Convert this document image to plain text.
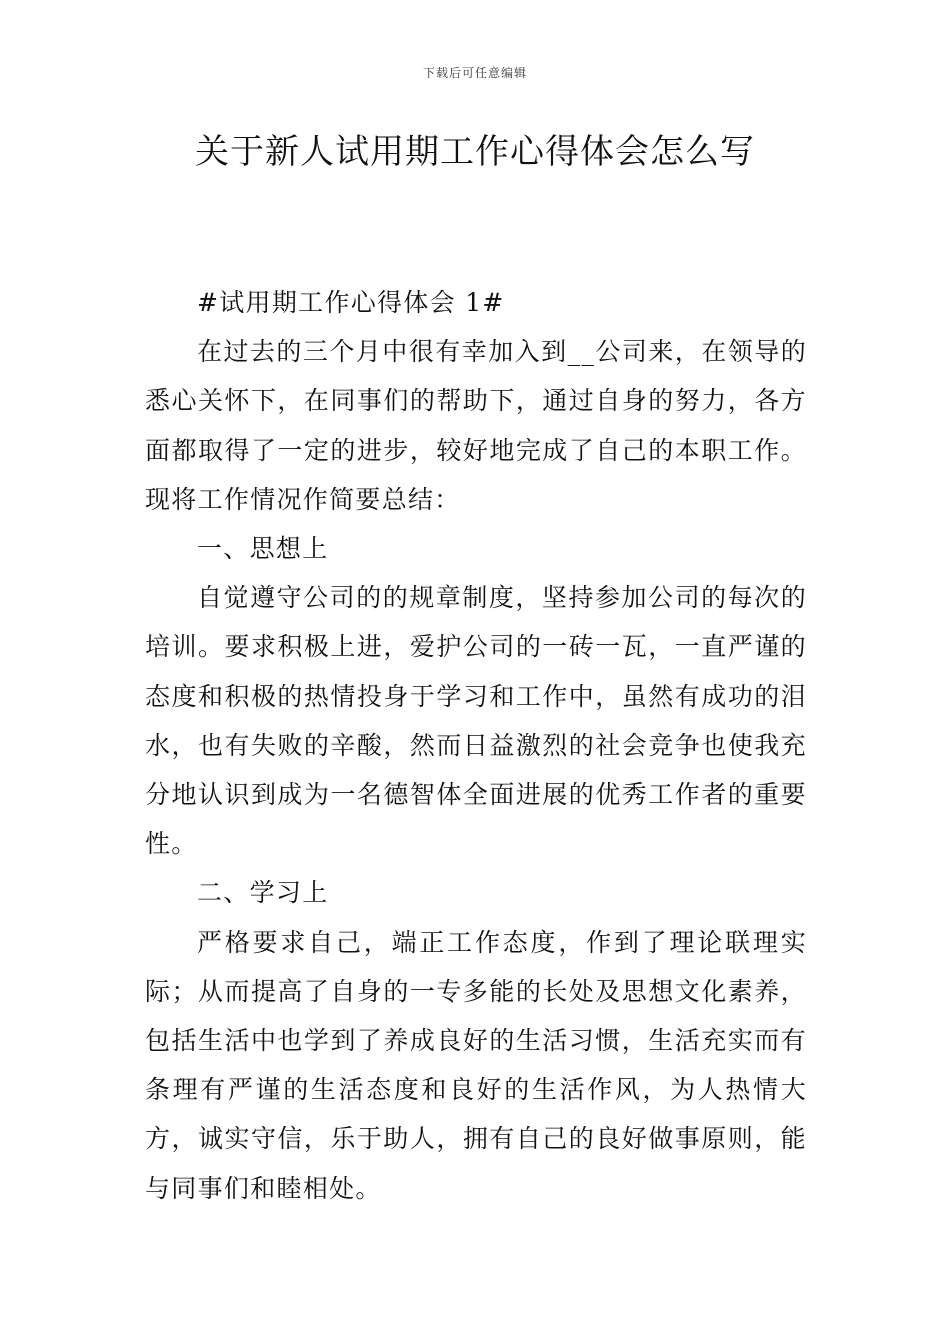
下载后可任意编辑
关于新人试用期工作心得体会怎么写

#试用期工作心得体会 1#

在过去的三个月中很有幸加入到__公司来，在领导的悉心关怀下，在同事们的帮助下，通过自身的努力，各方面都取得了一定的进步，较好地完成了自己的本职工作。现将工作情况作简要总结：

一、思想上

自觉遵守公司的的规章制度，坚持参加公司的每次的培训。要求积极上进，爱护公司的一砖一瓦，一直严谨的态度和积极的热情投身于学习和工作中，虽然有成功的泪水，也有失败的辛酸，然而日益激烈的社会竞争也使我充分地认识到成为一名德智体全面进展的优秀工作者的重要性。

二、学习上

严格要求自己，端正工作态度，作到了理论联理实际；从而提高了自身的一专多能的长处及思想文化素养，包括生活中也学到了养成良好的生活习惯，生活充实而有条理有严谨的生活态度和良好的生活作风，为人热情大方，诚实守信，乐于助人，拥有自己的良好做事原则，能与同事们和睦相处。
